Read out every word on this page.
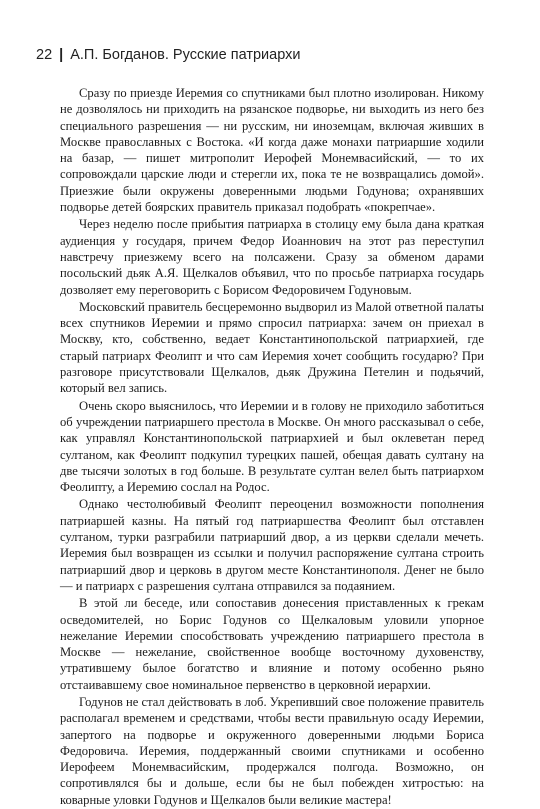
22 | А.П. Богданов. Русские патриархи

Сразу по приезде Иеремия со спутниками был плотно изолирован. Никому не дозволялось ни приходить на рязанское подворье, ни выходить из него без специального разрешения — ни русским, ни иноземцам, включая живших в Москве православных с Востока. «И когда даже монахи патриаршие ходили на базар, — пишет митрополит Иерофей Монемвасийский, — то их сопровождали царские люди и стерегли их, пока те не возвращались домой». Приезжие были окружены доверенными людьми Годунова; охранявших подворье детей боярских правитель приказал подобрать «покрепчае».

Через неделю после прибытия патриарха в столицу ему была дана краткая аудиенция у государя, причем Федор Иоаннович на этот раз переступил навстречу приезжему всего на полсажени. Сразу за обменом дарами посольский дьяк А.Я. Щелкалов объявил, что по просьбе патриарха государь дозволяет ему переговорить с Борисом Федоровичем Годуновым.

Московский правитель бесцеремонно выдворил из Малой ответной палаты всех спутников Иеремии и прямо спросил патриарха: зачем он приехал в Москву, кто, собственно, ведает Константинопольской патриархией, где старый патриарх Феолипт и что сам Иеремия хочет сообщить государю? При разговоре присутствовали Щелкалов, дьяк Дружина Петелин и подьячий, который вел запись.

Очень скоро выяснилось, что Иеремии и в голову не приходило заботиться об учреждении патриаршего престола в Москве. Он много рассказывал о себе, как управлял Константинопольской патриархией и был оклеветан перед султаном, как Феолипт подкупил турецких пашей, обещая давать султану на две тысячи золотых в год больше. В результате султан велел быть патриархом Феолипту, а Иеремию сослал на Родос.

Однако честолюбивый Феолипт переоценил возможности пополнения патриаршей казны. На пятый год патриаршества Феолипт был отставлен султаном, турки разграбили патриарший двор, а из церкви сделали мечеть. Иеремия был возвращен из ссылки и получил распоряжение султана строить патриарший двор и церковь в другом месте Константинополя. Денег не было — и патриарх с разрешения султана отправился за подаянием.

В этой ли беседе, или сопоставив донесения приставленных к грекам осведомителей, но Борис Годунов со Щелкаловым уловили упорное нежелание Иеремии способствовать учреждению патриаршего престола в Москве — нежелание, свойственное вообще восточному духовенству, утратившему былое богатство и влияние и потому особенно рьяно отстаивавшему свое номинальное первенство в церковной иерархии.

Годунов не стал действовать в лоб. Укрепивший свое положение правитель располагал временем и средствами, чтобы вести правильную осаду Иеремии, запертого на подворье и окруженного доверенными людьми Бориса Федоровича. Иеремия, поддержанный своими спутниками и особенно Иерофеем Монемвасийским, продержался полгода. Возможно, он сопротивлялся бы и дольше, если бы не был побежден хитростью: на коварные уловки Годунов и Щелкалов были великие мастера!
